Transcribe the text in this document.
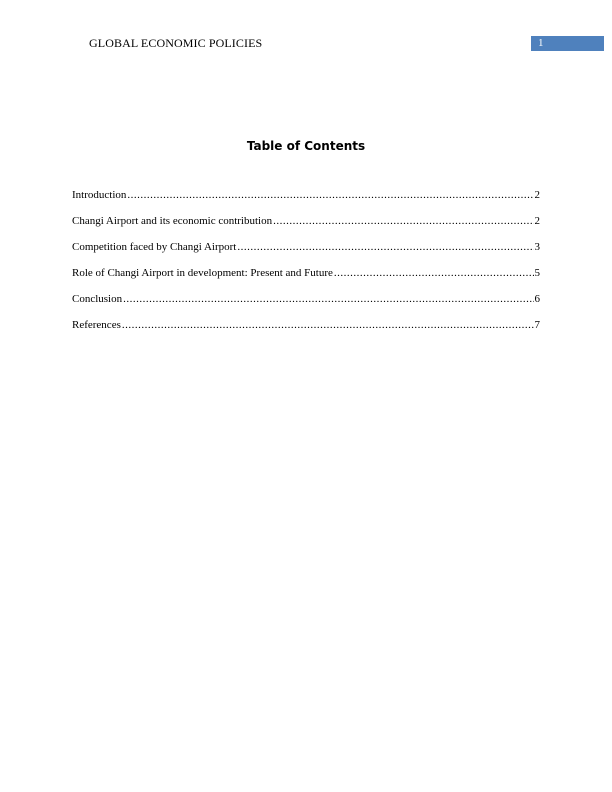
GLOBAL ECONOMIC POLICIES	1
Table of Contents
Introduction .....	2
Changi Airport and its economic contribution .....	2
Competition faced by Changi Airport .....	3
Role of Changi Airport in development: Present and Future .....	5
Conclusion .....	6
References .....	7
